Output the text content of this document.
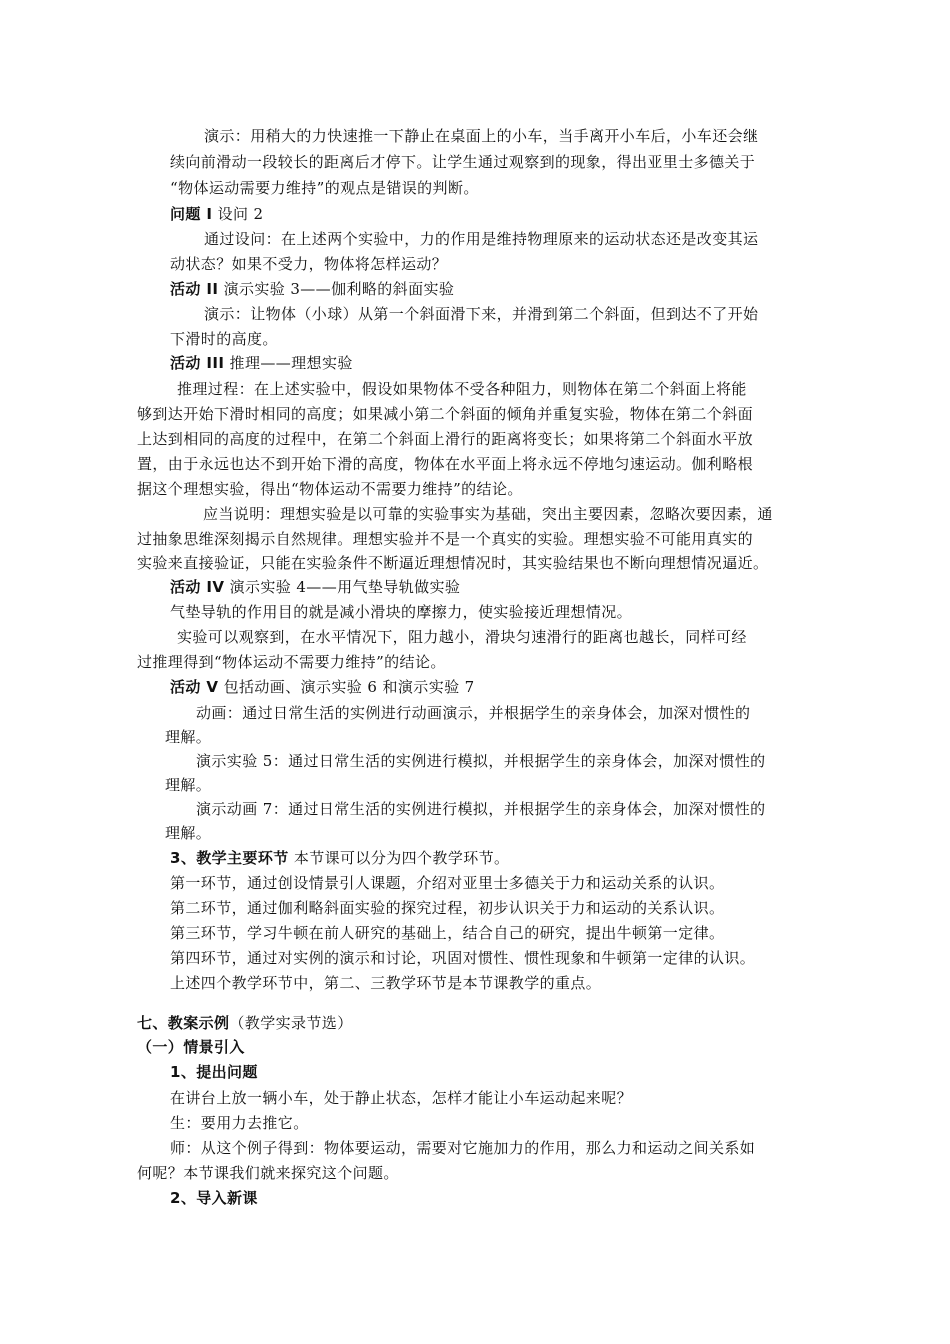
演示：用稍大的力快速推一下静止在桌面上的小车，当手离开小车后，小车还会继
续向前滑动一段较长的距离后才停下。让学生通过观察到的现象，得出亚里士多德关于
“物体运动需要力维持”的观点是错误的判断。
问题 I 设问 2
通过设问：在上述两个实验中，力的作用是维持物理原来的运动状态还是改变其运
动状态？如果不受力，物体将怎样运动？
活动 II 演示实验 3——伽利略的斜面实验
演示：让物体（小球）从第一个斜面滑下来，并滑到第二个斜面，但到达不了开始
下滑时的高度。
活动 III 推理——理想实验
推理过程：在上述实验中，假设如果物体不受各种阻力，则物体在第二个斜面上将能
够到达开始下滑时相同的高度；如果减小第二个斜面的倾角并重复实验，物体在第二个斜面
上达到相同的高度的过程中，在第二个斜面上滑行的距离将变长；如果将第二个斜面水平放
置，由于永远也达不到开始下滑的高度，物体在水平面上将永远不停地匀速运动。伽利略根
据这个理想实验，得出“物体运动不需要力维持”的结论。
应当说明：理想实验是以可靠的实验事实为基础，突出主要因素，忽略次要因素，通
过抽象思维深刻揭示自然规律。理想实验并不是一个真实的实验。理想实验不可能用真实的
实验来直接验证，只能在实验条件不断逼近理想情况时，其实验结果也不断向理想情况逼近。
活动 IV 演示实验 4——用气垫导轨做实验
气垫导轨的作用目的就是减小滑块的摩擦力，使实验接近理想情况。
实验可以观察到，在水平情况下，阻力越小，滑块匀速滑行的距离也越长，同样可经
过推理得到“物体运动不需要力维持”的结论。
活动 V 包括动画、演示实验 6 和演示实验 7
动画：通过日常生活的实例进行动画演示，并根据学生的亲身体会，加深对惯性的
理解。
演示实验 5：通过日常生活的实例进行模拟，并根据学生的亲身体会，加深对惯性的
理解。
演示动画 7：通过日常生活的实例进行模拟，并根据学生的亲身体会，加深对惯性的
理解。
3、教学主要环节 本节课可以分为四个教学环节。
第一环节，通过创设情景引人课题，介绍对亚里士多德关于力和运动关系的认识。
第二环节，通过伽利略斜面实验的探究过程，初步认识关于力和运动的关系认识。
第三环节，学习牛顿在前人研究的基础上，结合自己的研究，提出牛顿第一定律。
第四环节，通过对实例的演示和讨论，巩固对惯性、惯性现象和牛顿第一定律的认识。
上述四个教学环节中，第二、三教学环节是本节课教学的重点。
七、教案示例（教学实录节选）
（一）情景引入
1、提出问题
在讲台上放一辆小车，处于静止状态，怎样才能让小车运动起来呢？
生：要用力去推它。
师：从这个例子得到：物体要运动，需要对它施加力的作用，那么力和运动之间关系如
何呢？本节课我们就来探究这个问题。
2、导入新课
